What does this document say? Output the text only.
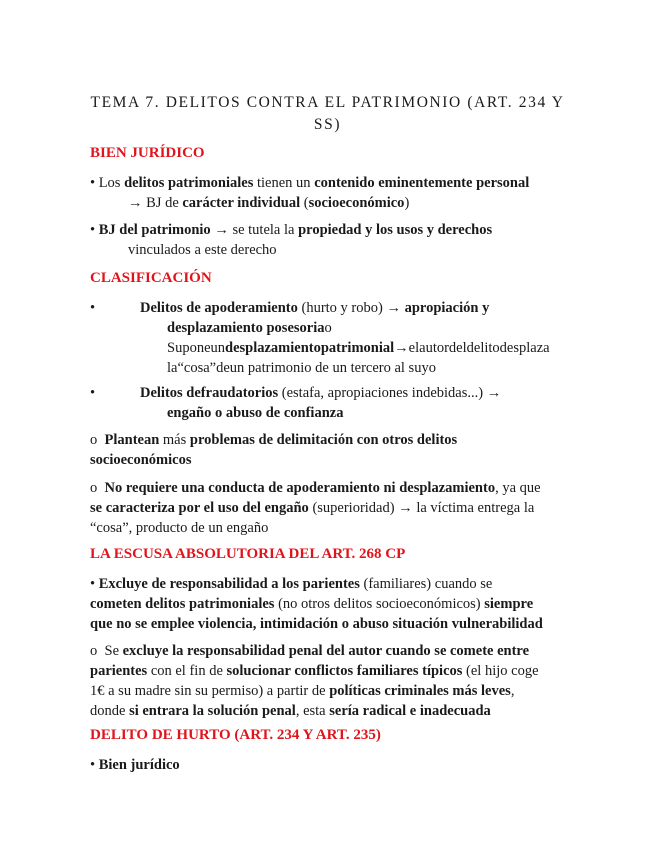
TEMA 7. DELITOS CONTRA EL PATRIMONIO (ART. 234 Y SS)
BIEN JURÍDICO
• Los delitos patrimoniales tienen un contenido eminentemente personal
→ BJ de carácter individual (socioeconómico)
• BJ del patrimonio → se tutela la propiedad y los usos y derechos
vinculados a este derecho
CLASIFICACIÓN
•	Delitos de apoderamiento (hurto y robo) → apropiación y
desplazamiento posesoriao
Suponeundesplazamientopatrimonial→elautordeldelitodesplaza
la“cosa”deun patrimonio de un tercero al suyo
•	Delitos defraudatorios (estafa, apropiaciones indebidas...) →
engaño o abuso de confianza
o Plantean más problemas de delimitación con otros delitos
socioeconómicos
o No requiere una conducta de apoderamiento ni desplazamiento, ya que
se caracteriza por el uso del engaño (superioridad) → la víctima entrega la
“cosa”, producto de un engaño
LA ESCUSA ABSOLUTORIA DEL ART. 268 CP
• Excluye de responsabilidad a los parientes (familiares) cuando se
cometen delitos patrimoniales (no otros delitos socioeconómicos) siempre
que no se emplee violencia, intimidación o abuso situación vulnerabilidad
o Se excluye la responsabilidad penal del autor cuando se comete entre
parientes con el fin de solucionar conflictos familiares típicos (el hijo coge
1€ a su madre sin su permiso) a partir de políticas criminales más leves,
donde si entrara la solución penal, esta sería radical e inadecuada
DELITO DE HURTO (ART. 234 Y ART. 235)
• Bien jurídico
